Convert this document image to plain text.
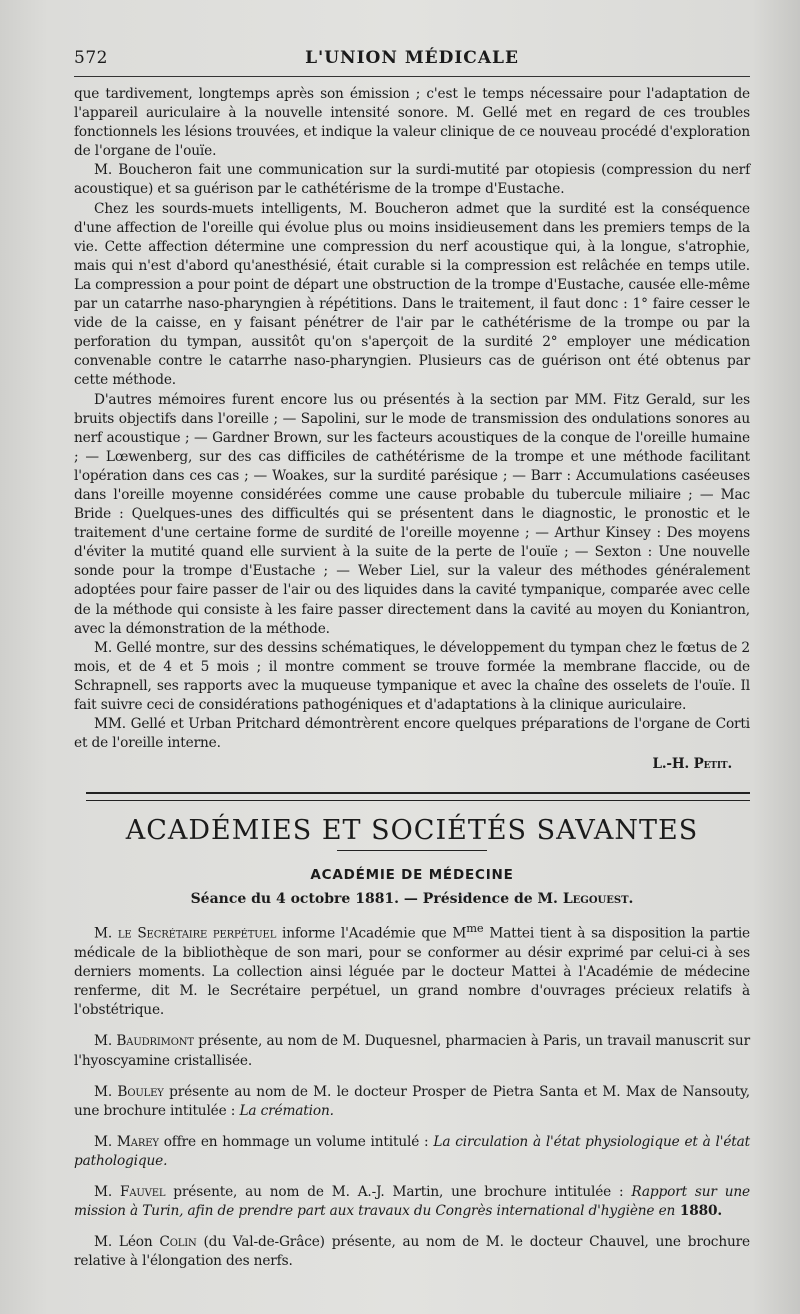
572	L'UNION MÉDICALE

que tardivement, longtemps après son émission ; c'est le temps nécessaire pour l'adaptation de l'appareil auriculaire à la nouvelle intensité sonore. M. Gellé met en regard de ces troubles fonctionnels les lésions trouvées, et indique la valeur clinique de ce nouveau procédé d'exploration de l'organe de l'ouïe.

M. Boucheron fait une communication sur la surdi-mutité par otopiesis (compression du nerf acoustique) et sa guérison par le cathétérisme de la trompe d'Eustache.

Chez les sourds-muets intelligents, M. Boucheron admet que la surdité est la conséquence d'une affection de l'oreille qui évolue plus ou moins insidieusement dans les premiers temps de la vie. Cette affection détermine une compression du nerf acoustique qui, à la longue, s'atrophie, mais qui n'est d'abord qu'anesthésié, était curable si la compression est relâchée en temps utile. La compression a pour point de départ une obstruction de la trompe d'Eustache, causée elle-même par un catarrhe naso-pharyngien à répétitions. Dans le traitement, il faut donc : 1° faire cesser le vide de la caisse, en y faisant pénétrer de l'air par le cathétérisme de la trompe ou par la perforation du tympan, aussitôt qu'on s'aperçoit de la surdité 2° employer une médication convenable contre le catarrhe naso-pharyngien. Plusieurs cas de guérison ont été obtenus par cette méthode.

D'autres mémoires furent encore lus ou présentés à la section par MM. Fitz Gerald, sur les bruits objectifs dans l'oreille ; — Sapolini, sur le mode de transmission des ondulations sonores au nerf acoustique ; — Gardner Brown, sur les facteurs acoustiques de la conque de l'oreille humaine ; — Lœwenberg, sur des cas difficiles de cathétérisme de la trompe et une méthode facilitant l'opération dans ces cas ; — Woakes, sur la surdité parésique ; — Barr : Accumulations caséeuses dans l'oreille moyenne considérées comme une cause probable du tubercule miliaire ; — Mac Bride : Quelques-unes des difficultés qui se présentent dans le diagnostic, le pronostic et le traitement d'une certaine forme de surdité de l'oreille moyenne ; — Arthur Kinsey : Des moyens d'éviter la mutité quand elle survient à la suite de la perte de l'ouïe ; — Sexton : Une nouvelle sonde pour la trompe d'Eustache ; — Weber Liel, sur la valeur des méthodes généralement adoptées pour faire passer de l'air ou des liquides dans la cavité tympanique, comparée avec celle de la méthode qui consiste à les faire passer directement dans la cavité au moyen du Koniantron, avec la démonstration de la méthode.

M. Gellé montre, sur des dessins schématiques, le développement du tympan chez le fœtus de 2 mois, et de 4 et 5 mois ; il montre comment se trouve formée la membrane flaccide, ou de Schrapnell, ses rapports avec la muqueuse tympanique et avec la chaîne des osselets de l'ouïe. Il fait suivre ceci de considérations pathogéniques et d'adaptations à la clinique auriculaire.

MM. Gellé et Urban Pritchard démontrèrent encore quelques préparations de l'organe de Corti et de l'oreille interne.

L.-H. Petit.
ACADÉMIES ET SOCIÉTÉS SAVANTES
ACADÉMIE DE MÉDECINE
Séance du 4 octobre 1881. — Présidence de M. Legouest.

M. le Secrétaire perpétuel informe l'Académie que $M^{me}$ Mattei tient à sa disposition la partie médicale de la bibliothèque de son mari, pour se conformer au désir exprimé par celui-ci à ses derniers moments. La collection ainsi léguée par le docteur Mattei à l'Académie de médecine renferme, dit M. le Secrétaire perpétuel, un grand nombre d'ouvrages précieux relatifs à l'obstétrique.

M. Baudrimont présente, au nom de M. Duquesnel, pharmacien à Paris, un travail manuscrit sur l'hyoscyamine cristallisée.

M. Bouley présente au nom de M. le docteur Prosper de Pietra Santa et M. Max de Nansouty, une brochure intitulée : La crémation.

M. Marey offre en hommage un volume intitulé : La circulation à l'état physiologique et à l'état pathologique.

M. Fauvel présente, au nom de M. A.-J. Martin, une brochure intitulée : Rapport sur une mission à Turin, afin de prendre part aux travaux du Congrès international d'hygiène en 1880.

M. Léon Colin (du Val-de-Grâce) présente, au nom de M. le docteur Chauvel, une brochure relative à l'élongation des nerfs.
